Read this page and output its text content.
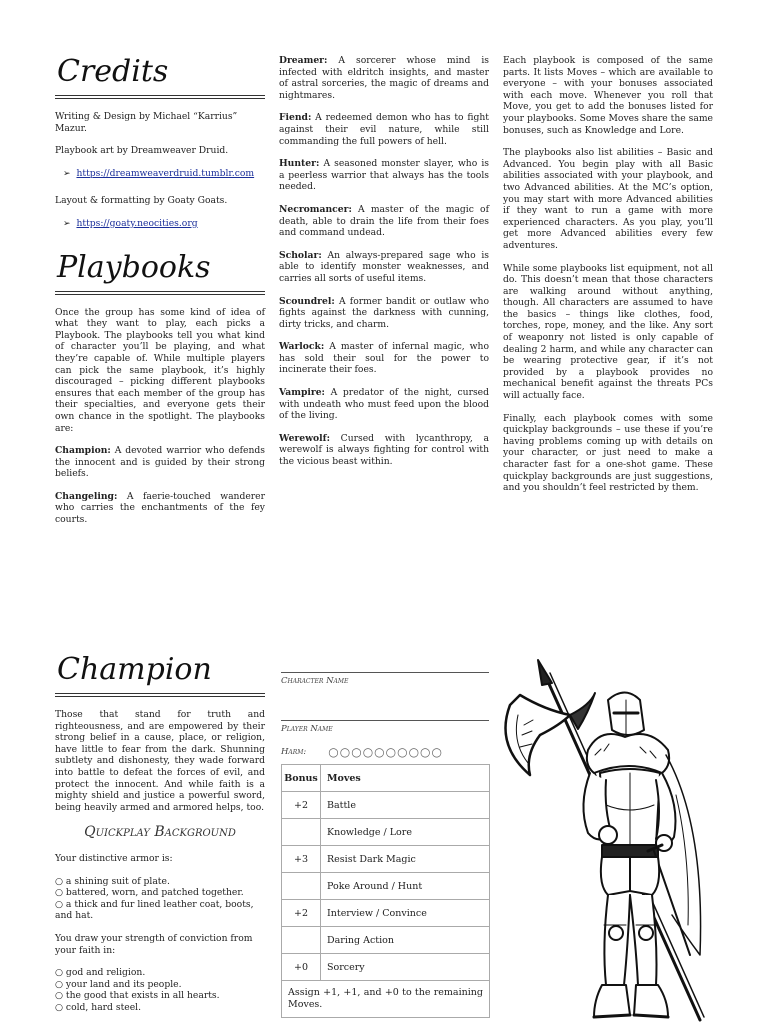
Credits

Writing & Design by Michael “Karrius” Mazur.

Playbook art by Dreamweaver Druid.

➢ https://dreamweaverdruid.tumblr.com

Layout & formatting by Goaty Goats.

➢ https://goaty.neocities.org
Playbooks

Once the group has some kind of idea of what they want to play, each picks a Playbook. The playbooks tell you what kind of character you’ll be playing, and what they’re capable of. While multiple players can pick the same playbook, it’s highly discouraged – picking different playbooks ensures that each member of the group has their specialties, and everyone gets their own chance in the spotlight. The playbooks are:

Champion: A devoted warrior who defends the innocent and is guided by their strong beliefs.

Changeling: A faerie-touched wanderer who carries the enchantments of the fey courts.

Dreamer: A sorcerer whose mind is infected with eldritch insights, and master of astral sorceries, the magic of dreams and nightmares.

Fiend: A redeemed demon who has to fight against their evil nature, while still commanding the full powers of hell.

Hunter: A seasoned monster slayer, who is a peerless warrior that always has the tools needed.

Necromancer: A master of the magic of death, able to drain the life from their foes and command undead.

Scholar: An always-prepared sage who is able to identify monster weaknesses, and carries all sorts of useful items.

Scoundrel: A former bandit or outlaw who fights against the darkness with cunning, dirty tricks, and charm.

Warlock: A master of infernal magic, who has sold their soul for the power to incinerate their foes.

Vampire: A predator of the night, cursed with undeath who must feed upon the blood of the living.

Werewolf: Cursed with lycanthropy, a werewolf is always fighting for control with the vicious beast within.

Each playbook is composed of the same parts. It lists Moves – which are available to everyone – with your bonuses associated with each move. Whenever you roll that Move, you get to add the bonuses listed for your playbooks. Some Moves share the same bonuses, such as Knowledge and Lore.

The playbooks also list abilities – Basic and Advanced. You begin play with all Basic abilities associated with your playbook, and two Advanced abilities. At the MC’s option, you may start with more Advanced abilities if they want to run a game with more experienced characters. As you play, you’ll get more Advanced abilities every few adventures.

While some playbooks list equipment, not all do. This doesn’t mean that those characters are walking around without anything, though. All characters are assumed to have the basics – things like clothes, food, torches, rope, money, and the like. Any sort of weaponry not listed is only capable of dealing 2 harm, and while any character can be wearing protective gear, if it’s not provided by a playbook provides no mechanical benefit against the threats PCs will actually face.

Finally, each playbook comes with some quickplay backgrounds – use these if you’re having problems coming up with details on your character, or just need to make a character fast for a one-shot game. These quickplay backgrounds are just suggestions, and you shouldn’t feel restricted by them.

Champion

Those that stand for truth and righteousness, and are empowered by their strong belief in a cause, place, or religion, have little to fear from the dark. Shunning subtlety and dishonesty, they wade forward into battle to defeat the forces of evil, and protect the innocent. And while faith is a mighty shield and justice a powerful sword, being heavily armed and armored helps, too.

Quickplay Background

Your distinctive armor is:

○ a shining suit of plate.
○ battered, worn, and patched together.
○ a thick and fur lined leather coat, boots, and hat.

You draw your strength of conviction from your faith in:

○ god and religion.
○ your land and its people.
○ the good that exists in all hearts.
○ cold, hard steel.
Character Name
Player Name
Harm: ○○○○○○○○○○
Bonus	Moves
+2	Battle
	Knowledge / Lore
+3	Resist Dark Magic
	Poke Around / Hunt
+2	Interview / Convince
	Daring Action
+0	Sorcery
Assign +1, +1, and +0 to the remaining Moves.	
